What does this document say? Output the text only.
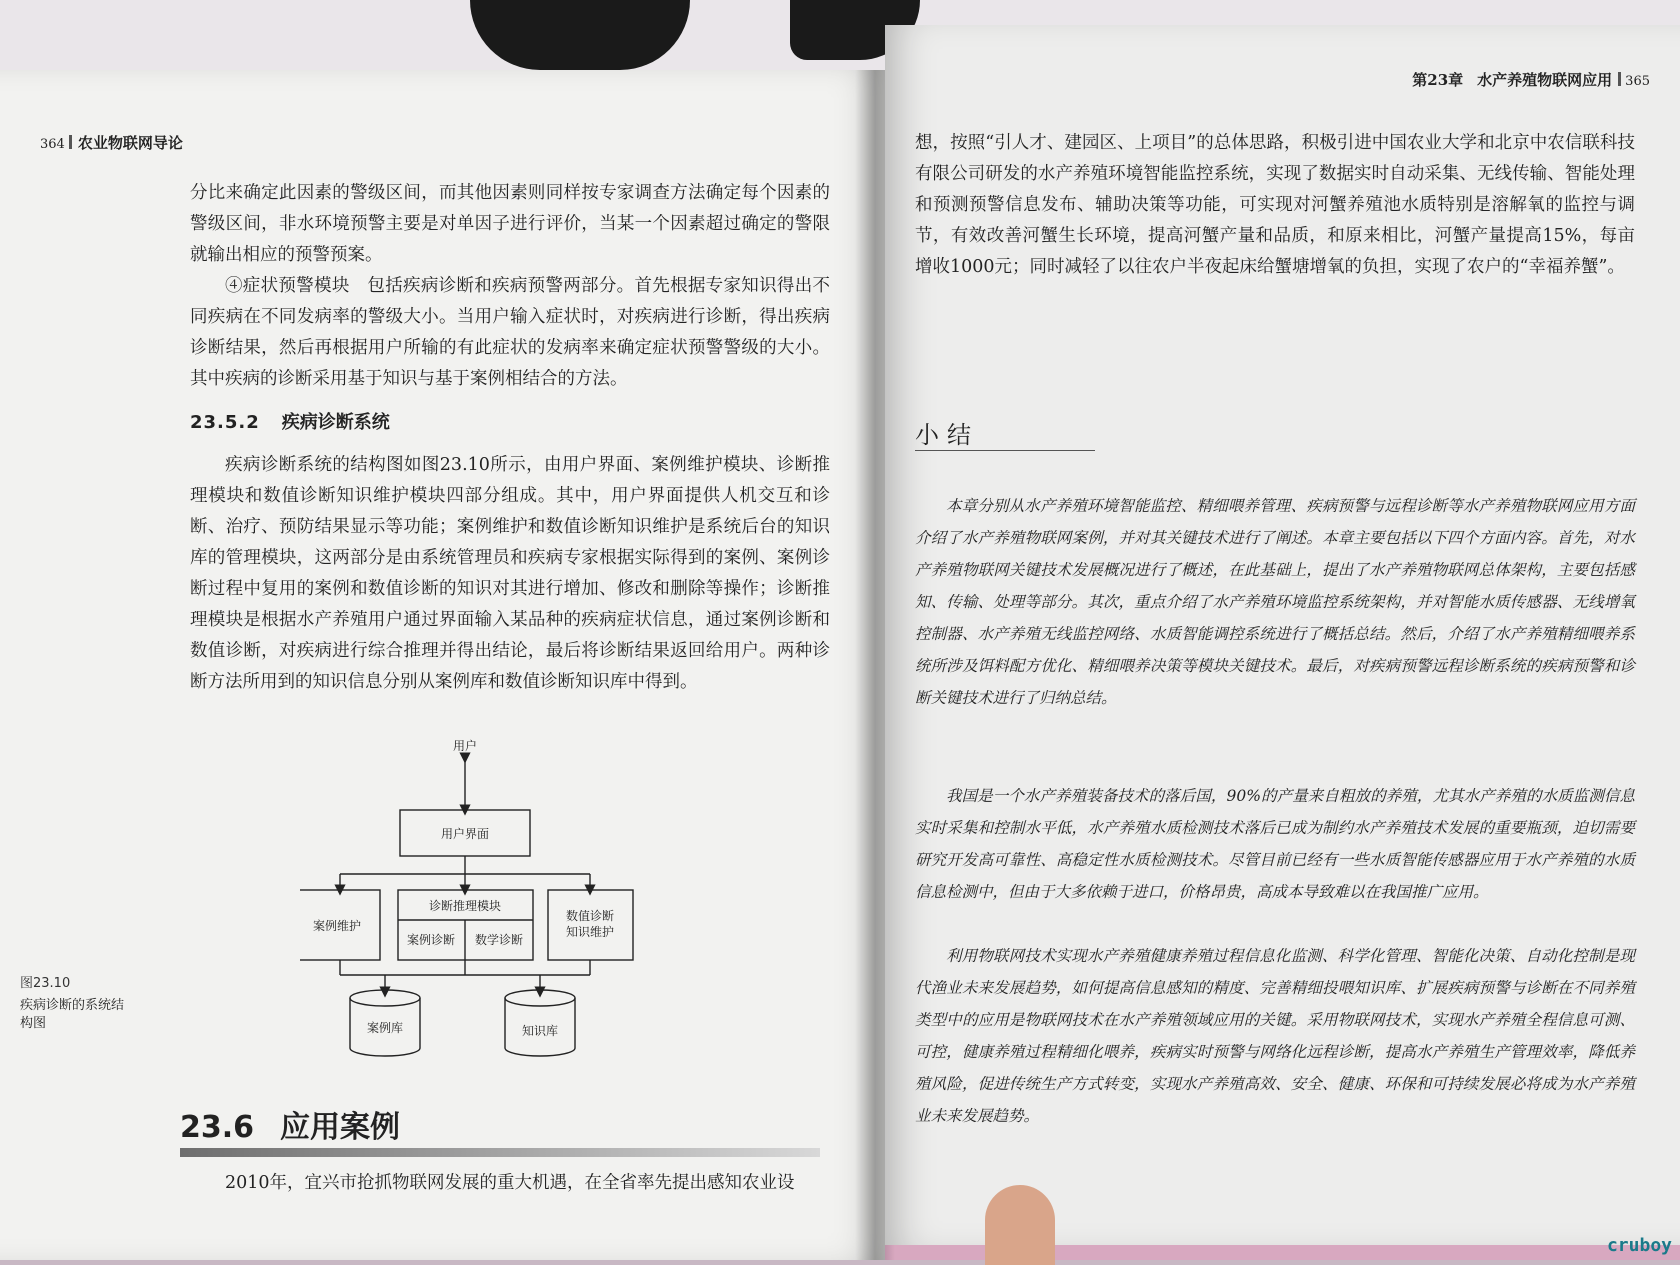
364 农业物联网导论
分比来确定此因素的警级区间，而其他因素则同样按专家调查方法确定每个因素的警级区间，非水环境预警主要是对单因子进行评价，当某一个因素超过确定的警限就输出相应的预警预案。
④症状预警模块　包括疾病诊断和疾病预警两部分。首先根据专家知识得出不同疾病在不同发病率的警级大小。当用户输入症状时，对疾病进行诊断，得出疾病诊断结果，然后再根据用户所输的有此症状的发病率来确定症状预警警级的大小。其中疾病的诊断采用基于知识与基于案例相结合的方法。
23.5.2 疾病诊断系统
疾病诊断系统的结构图如图23.10所示，由用户界面、案例维护模块、诊断推理模块和数值诊断知识维护模块四部分组成。其中，用户界面提供人机交互和诊断、治疗、预防结果显示等功能；案例维护和数值诊断知识维护是系统后台的知识库的管理模块，这两部分是由系统管理员和疾病专家根据实际得到的案例、案例诊断过程中复用的案例和数值诊断的知识对其进行增加、修改和删除等操作；诊断推理模块是根据水产养殖用户通过界面输入某品种的疾病症状信息，通过案例诊断和数值诊断，对疾病进行综合推理并得出结论，最后将诊断结果返回给用户。两种诊断方法所用到的知识信息分别从案例库和数值诊断知识库中得到。
图23.10
疾病诊断的系统结
构图
用户
用户界面
案例维护
诊断推理模块
案例诊断 数学诊断
数值诊断
知识维护
案例库	知识库
23.6 应用案例
2010年，宜兴市抢抓物联网发展的重大机遇，在全省率先提出感知农业设
第23章 水产养殖物联网应用 365
想，按照“引人才、建园区、上项目”的总体思路，积极引进中国农业大学和北京中农信联科技有限公司研发的水产养殖环境智能监控系统，实现了数据实时自动采集、无线传输、智能处理和预测预警信息发布、辅助决策等功能，可实现对河蟹养殖池水质特别是溶解氧的监控与调节，有效改善河蟹生长环境，提高河蟹产量和品质，和原来相比，河蟹产量提高15%，每亩增收1000元；同时减轻了以往农户半夜起床给蟹塘增氧的负担，实现了农户的“幸福养蟹”。
小结
本章分别从水产养殖环境智能监控、精细喂养管理、疾病预警与远程诊断等水产养殖物联网应用方面介绍了水产养殖物联网案例，并对其关键技术进行了阐述。本章主要包括以下四个方面内容。首先，对水产养殖物联网关键技术发展概况进行了概述，在此基础上，提出了水产养殖物联网总体架构，主要包括感知、传输、处理等部分。其次，重点介绍了水产养殖环境监控系统架构，并对智能水质传感器、无线增氧控制器、水产养殖无线监控网络、水质智能调控系统进行了概括总结。然后，介绍了水产养殖精细喂养系统所涉及饵料配方优化、精细喂养决策等模块关键技术。最后，对疾病预警远程诊断系统的疾病预警和诊断关键技术进行了归纳总结。
我国是一个水产养殖装备技术的落后国，90%的产量来自粗放的养殖，尤其水产养殖的水质监测信息实时采集和控制水平低，水产养殖水质检测技术落后已成为制约水产养殖技术发展的重要瓶颈，迫切需要研究开发高可靠性、高稳定性水质检测技术。尽管目前已经有一些水质智能传感器应用于水产养殖的水质信息检测中，但由于大多依赖于进口，价格昂贵，高成本导致难以在我国推广应用。
利用物联网技术实现水产养殖健康养殖过程信息化监测、科学化管理、智能化决策、自动化控制是现代渔业未来发展趋势，如何提高信息感知的精度、完善精细投喂知识库、扩展疾病预警与诊断在不同养殖类型中的应用是物联网技术在水产养殖领域应用的关键。采用物联网技术，实现水产养殖全程信息可测、可控，健康养殖过程精细化喂养，疾病实时预警与网络化远程诊断，提高水产养殖生产管理效率，降低养殖风险，促进传统生产方式转变，实现水产养殖高效、安全、健康、环保和可持续发展必将成为水产养殖业未来发展趋势。
cruboy
